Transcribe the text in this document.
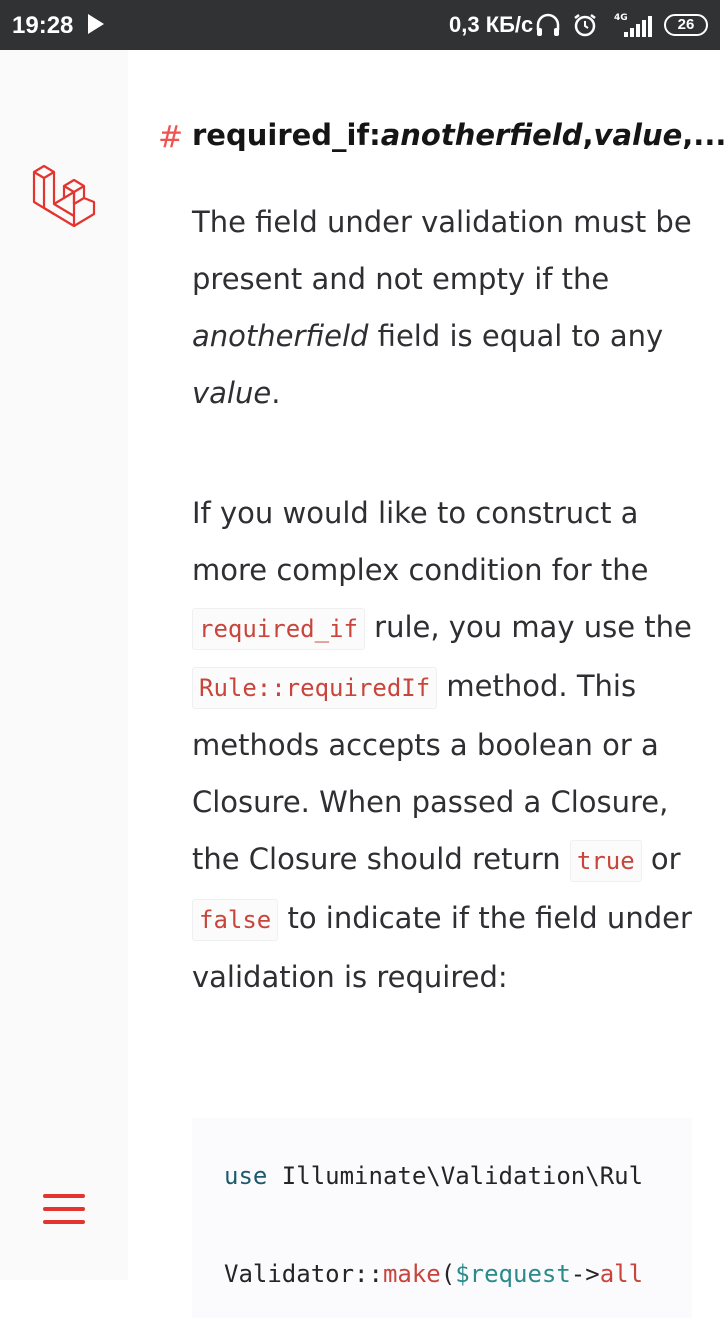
19:28	0,3 КБ/с	4G	26
# required_if:anotherfield,value,...

The field under validation must be present and not empty if the anotherfield field is equal to any value.

If you would like to construct a more complex condition for the required_if rule, you may use the Rule::requiredIf method. This methods accepts a boolean or a Closure. When passed a Closure, the Closure should return true or false to indicate if the field under validation is required:

use Illuminate\Validation\Rul
Validator::make($request->all
